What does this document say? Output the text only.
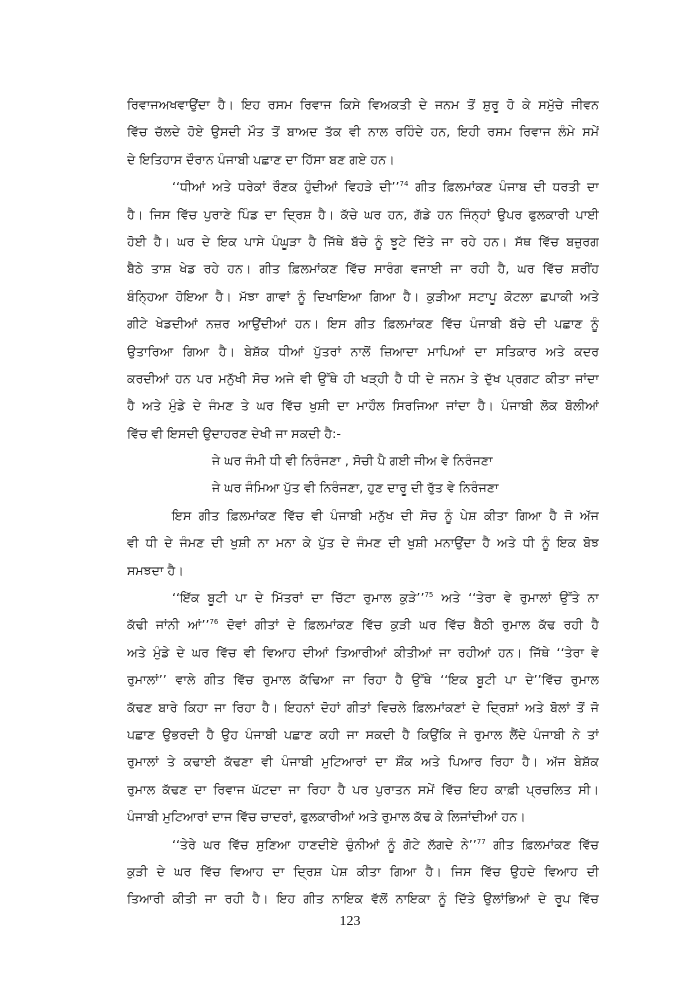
ਰਿਵਾਜਅਖਵਾਉਂਦਾ ਹੈ। ਇਹ ਰਸਮ ਰਿਵਾਜ ਕਿਸੇ ਵਿਅਕਤੀ ਦੇ ਜਨਮ ਤੋਂ ਸ਼ੁਰੂ ਹੋ ਕੇ ਸਮੁੱਚੇ ਜੀਵਨ
ਵਿੱਚ ਚੱਲਦੇ ਹੋਏ ਉਸਦੀ ਮੌਤ ਤੋਂ ਬਾਅਦ ਤੱਕ ਵੀ ਨਾਲ ਰਹਿੰਦੇ ਹਨ, ਇਹੀ ਰਸਮ ਰਿਵਾਜ ਲੰਮੇ ਸਮੇਂ
ਦੇ ਇਤਿਹਾਸ ਦੌਰਾਨ ਪੰਜਾਬੀ ਪਛਾਣ ਦਾ ਹਿੱਸਾ ਬਣ ਗਏ ਹਨ।
‘‘ਧੀਆਂ ਅਤੇ ਧਰੇਕਾਂ ਰੌਣਕ ਹੁੰਦੀਆਂ ਵਿਹੜੇ ਦੀ’’$^{74}$ ਗੀਤ ਫ਼ਿਲਮਾਂਕਣ ਪੰਜਾਬ ਦੀ ਧਰਤੀ ਦਾ
ਹੈ। ਜਿਸ ਵਿੱਚ ਪੁਰਾਣੇ ਪਿੰਡ ਦਾ ਦ੍ਰਿਸ਼ ਹੈ। ਕੱਚੇ ਘਰ ਹਨ, ਗੱਡੇ ਹਨ ਜਿੰਨ੍ਹਾਂ ਉਪਰ ਫੁਲਕਾਰੀ ਪਾਈ
ਹੋਈ ਹੈ। ਘਰ ਦੇ ਇਕ ਪਾਸੇ ਪੰਘੂੜਾ ਹੈ ਜਿੱਥੇ ਬੱਚੇ ਨੂੰ ਝੂਟੇ ਦਿੱਤੇ ਜਾ ਰਹੇ ਹਨ। ਸੱਥ ਵਿੱਚ ਬਜ਼ੁਰਗ
ਬੈਠੇ ਤਾਸ਼ ਖੇਡ ਰਹੇ ਹਨ। ਗੀਤ ਫ਼ਿਲਮਾਂਕਣ ਵਿੱਚ ਸਾਰੰਗ ਵਜਾਈ ਜਾ ਰਹੀ ਹੈ, ਘਰ ਵਿੱਚ ਸ਼ਰੀਂਹ
ਬੰਨ੍ਹਿਆ ਹੋਇਆ ਹੈ। ਮੱਝਾ ਗਾਵਾਂ ਨੂੰ ਦਿਖਾਇਆ ਗਿਆ ਹੈ। ਕੁੜੀਆ ਸਟਾਪੂ ਕੋਟਲਾ ਛਪਾਕੀ ਅਤੇ
ਗੀਟੇ ਖੇਡਦੀਆਂ ਨਜ਼ਰ ਆਉਂਦੀਆਂ ਹਨ। ਇਸ ਗੀਤ ਫ਼ਿਲਮਾਂਕਣ ਵਿੱਚ ਪੰਜਾਬੀ ਬੱਚੇ ਦੀ ਪਛਾਣ ਨੂੰ
ਉਤਾਰਿਆ ਗਿਆ ਹੈ। ਬੇਸ਼ੱਕ ਧੀਆਂ ਪੁੱਤਰਾਂ ਨਾਲੋਂ ਜ਼ਿਆਦਾ ਮਾਪਿਆਂ ਦਾ ਸਤਿਕਾਰ ਅਤੇ ਕਦਰ
ਕਰਦੀਆਂ ਹਨ ਪਰ ਮਨੁੱਖੀ ਸੋਚ ਅਜੇ ਵੀ ਉੱਥੇ ਹੀ ਖੜ੍ਹੀ ਹੈ ਧੀ ਦੇ ਜਨਮ ਤੇ ਦੁੱਖ ਪ੍ਰਗਟ ਕੀਤਾ ਜਾਂਦਾ
ਹੈ ਅਤੇ ਮੁੰਡੇ ਦੇ ਜੰਮਣ ਤੇ ਘਰ ਵਿੱਚ ਖੁਸ਼ੀ ਦਾ ਮਾਹੌਲ ਸਿਰਜਿਆ ਜਾਂਦਾ ਹੈ। ਪੰਜਾਬੀ ਲੋਕ ਬੋਲੀਆਂ
ਵਿੱਚ ਵੀ ਇਸਦੀ ਉਦਾਹਰਣ ਦੇਖੀ ਜਾ ਸਕਦੀ ਹੈ:-
ਜੇ ਘਰ ਜੰਮੀ ਧੀ ਵੀ ਨਿਰੰਜਣਾ , ਸੋਚੀ ਪੈ ਗਈ ਜੀਅ ਵੇ ਨਿਰੰਜਣਾ
ਜੇ ਘਰ ਜੰਮਿਆ ਪੁੱਤ ਵੀ ਨਿਰੰਜਣਾ, ਹੁਣ ਦਾਰੂ ਦੀ ਰੁੱਤ ਵੇ ਨਿਰੰਜਣਾ
ਇਸ ਗੀਤ ਫ਼ਿਲਮਾਂਕਣ ਵਿੱਚ ਵੀ ਪੰਜਾਬੀ ਮਨੁੱਖ ਦੀ ਸੋਚ ਨੂੰ ਪੇਸ਼ ਕੀਤਾ ਗਿਆ ਹੈ ਜੋ ਅੱਜ
ਵੀ ਧੀ ਦੇ ਜੰਮਣ ਦੀ ਖੁਸ਼ੀ ਨਾ ਮਨਾ ਕੇ ਪੁੱਤ ਦੇ ਜੰਮਣ ਦੀ ਖੁਸ਼ੀ ਮਨਾਉਂਦਾ ਹੈ ਅਤੇ ਧੀ ਨੂੰ ਇਕ ਬੋਝ
ਸਮਝਦਾ ਹੈ।
‘‘ਇੱਕ ਬੂਟੀ ਪਾ ਦੇ ਮਿੱਤਰਾਂ ਦਾ ਚਿੱਟਾ ਰੁਮਾਲ ਕੁੜੇ’’$^{75}$ ਅਤੇ ‘‘ਤੇਰਾ ਵੇ ਰੁਮਾਲਾਂ ਉੱਤੇ ਨਾ
ਕੱਢੀ ਜਾਂਨੀ ਆਂ’’$^{76}$ ਦੋਵਾਂ ਗੀਤਾਂ ਦੇ ਫ਼ਿਲਮਾਂਕਣ ਵਿੱਚ ਕੁੜੀ ਘਰ ਵਿੱਚ ਬੈਠੀ ਰੁਮਾਲ ਕੱਢ ਰਹੀ ਹੈ
ਅਤੇ ਮੁੰਡੇ ਦੇ ਘਰ ਵਿੱਚ ਵੀ ਵਿਆਹ ਦੀਆਂ ਤਿਆਰੀਆਂ ਕੀਤੀਆਂ ਜਾ ਰਹੀਆਂ ਹਨ। ਜਿੱਥੇ ‘‘ਤੇਰਾ ਵੇ
ਰੁਮਾਲਾਂ’’ ਵਾਲੇ ਗੀਤ ਵਿੱਚ ਰੁਮਾਲ ਕੱਢਿਆ ਜਾ ਰਿਹਾ ਹੈ ਉੱਥੇ ‘‘ਇਕ ਬੂਟੀ ਪਾ ਦੇ’’ਵਿੱਚ ਰੁਮਾਲ
ਕੱਢਣ ਬਾਰੇ ਕਿਹਾ ਜਾ ਰਿਹਾ ਹੈ। ਇਹਨਾਂ ਦੋਹਾਂ ਗੀਤਾਂ ਵਿਚਲੇ ਫ਼ਿਲਮਾਂਕਣਾਂ ਦੇ ਦ੍ਰਿਸ਼ਾਂ ਅਤੇ ਬੋਲਾਂ ਤੋਂ ਜੋ
ਪਛਾਣ ਉਭਰਦੀ ਹੈ ਉਹ ਪੰਜਾਬੀ ਪਛਾਣ ਕਹੀ ਜਾ ਸਕਦੀ ਹੈ ਕਿਉਂਕਿ ਜੇ ਰੁਮਾਲ ਲੈਂਦੇ ਪੰਜਾਬੀ ਨੇ ਤਾਂ
ਰੁਮਾਲਾਂ ਤੇ ਕਢਾਈ ਕੱਢਣਾ ਵੀ ਪੰਜਾਬੀ ਮੁਟਿਆਰਾਂ ਦਾ ਸ਼ੌਂਕ ਅਤੇ ਪਿਆਰ ਰਿਹਾ ਹੈ। ਅੱਜ ਬੇਸ਼ੱਕ
ਰੁਮਾਲ ਕੱਢਣ ਦਾ ਰਿਵਾਜ ਘੱਟਦਾ ਜਾ ਰਿਹਾ ਹੈ ਪਰ ਪੁਰਾਤਨ ਸਮੇਂ ਵਿੱਚ ਇਹ ਕਾਫ਼ੀ ਪ੍ਰਚਲਿਤ ਸੀ।
ਪੰਜਾਬੀ ਮੁਟਿਆਰਾਂ ਦਾਜ ਵਿੱਚ ਚਾਦਰਾਂ, ਫੁਲਕਾਰੀਆਂ ਅਤੇ ਰੁਮਾਲ ਕੱਢ ਕੇ ਲਿਜਾਂਦੀਆਂ ਹਨ।
‘‘ਤੇਰੇ ਘਰ ਵਿੱਚ ਸੁਣਿਆ ਹਾਣਦੀਏ ਚੁੰਨੀਆਂ ਨੂੰ ਗੋਟੇ ਲੱਗਦੇ ਨੇ’’$^{77}$ ਗੀਤ ਫ਼ਿਲਮਾਂਕਣ ਵਿੱਚ
ਕੁੜੀ ਦੇ ਘਰ ਵਿੱਚ ਵਿਆਹ ਦਾ ਦ੍ਰਿਸ਼ ਪੇਸ਼ ਕੀਤਾ ਗਿਆ ਹੈ। ਜਿਸ ਵਿੱਚ ਉਹਦੇ ਵਿਆਹ ਦੀ
ਤਿਆਰੀ ਕੀਤੀ ਜਾ ਰਹੀ ਹੈ। ਇਹ ਗੀਤ ਨਾਇਕ ਵੱਲੋਂ ਨਾਇਕਾ ਨੂੰ ਦਿੱਤੇ ਉਲਾਂਭਿਆਂ ਦੇ ਰੂਪ ਵਿੱਚ
123
